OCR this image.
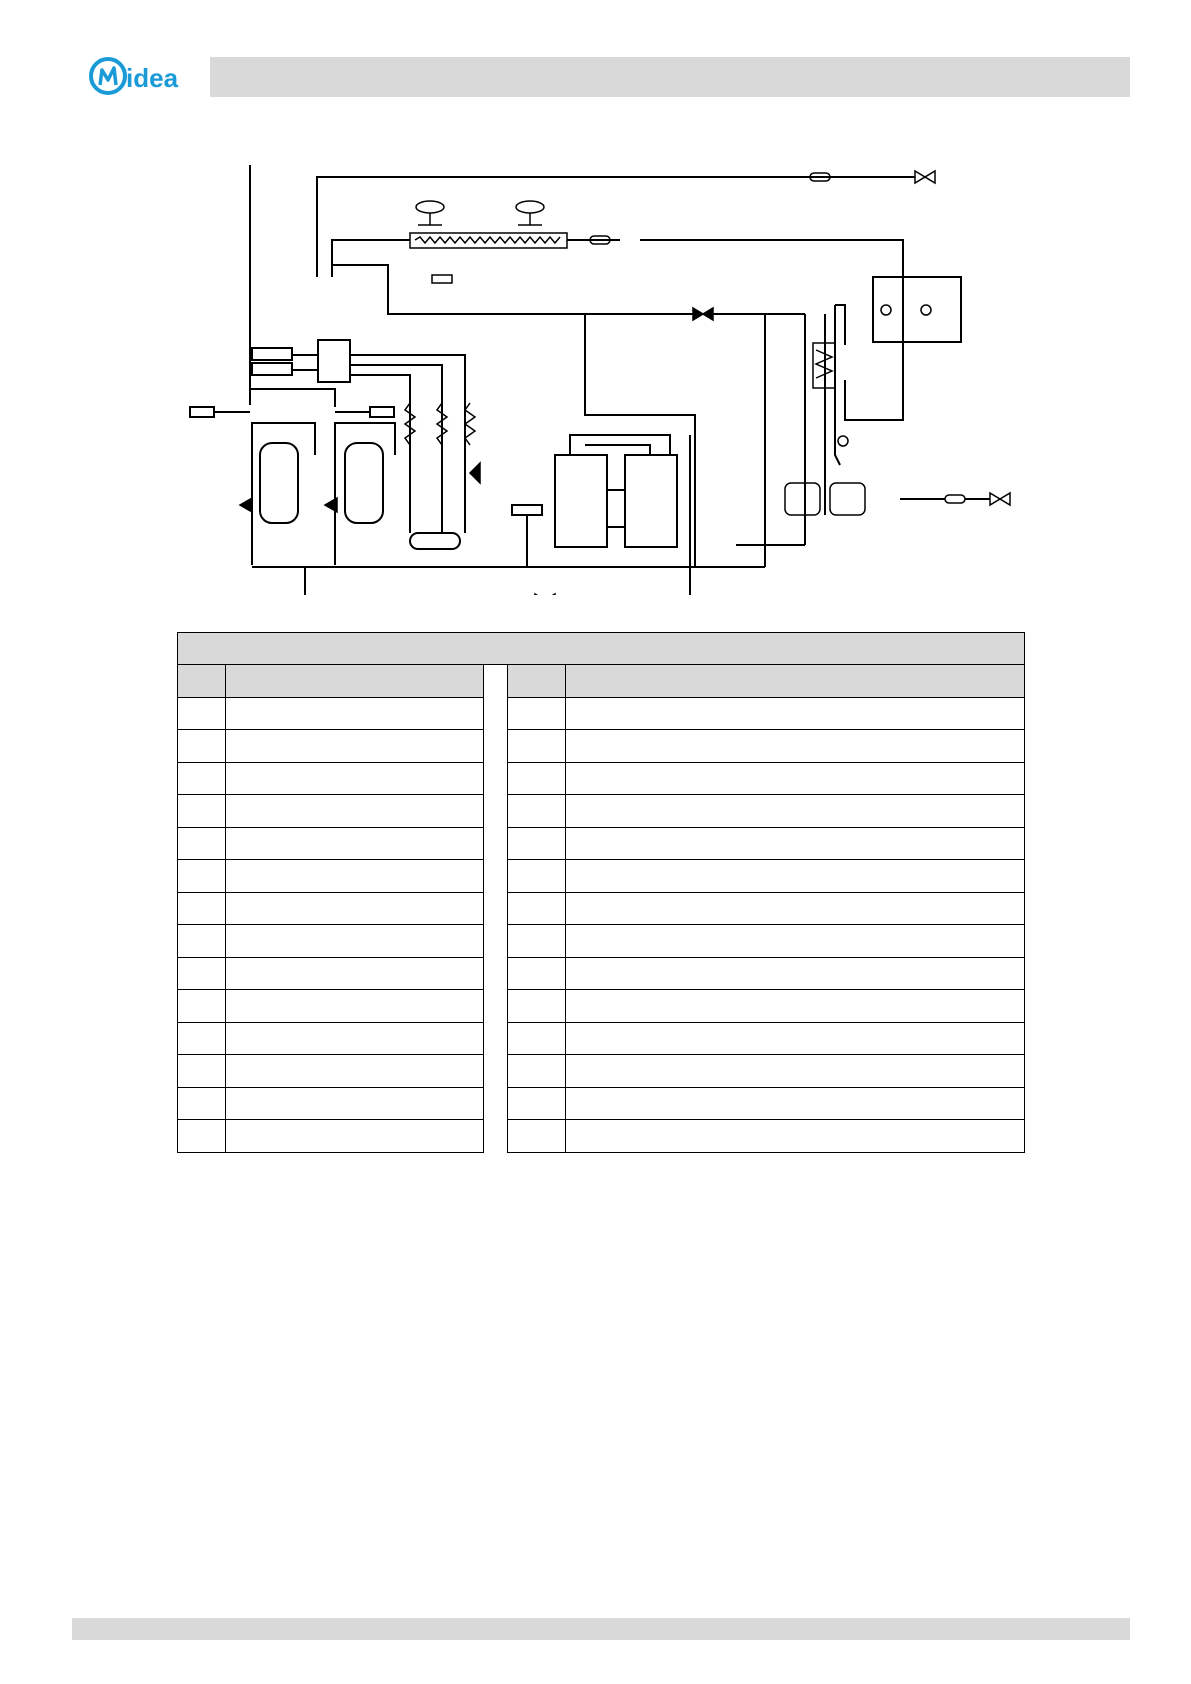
idea
